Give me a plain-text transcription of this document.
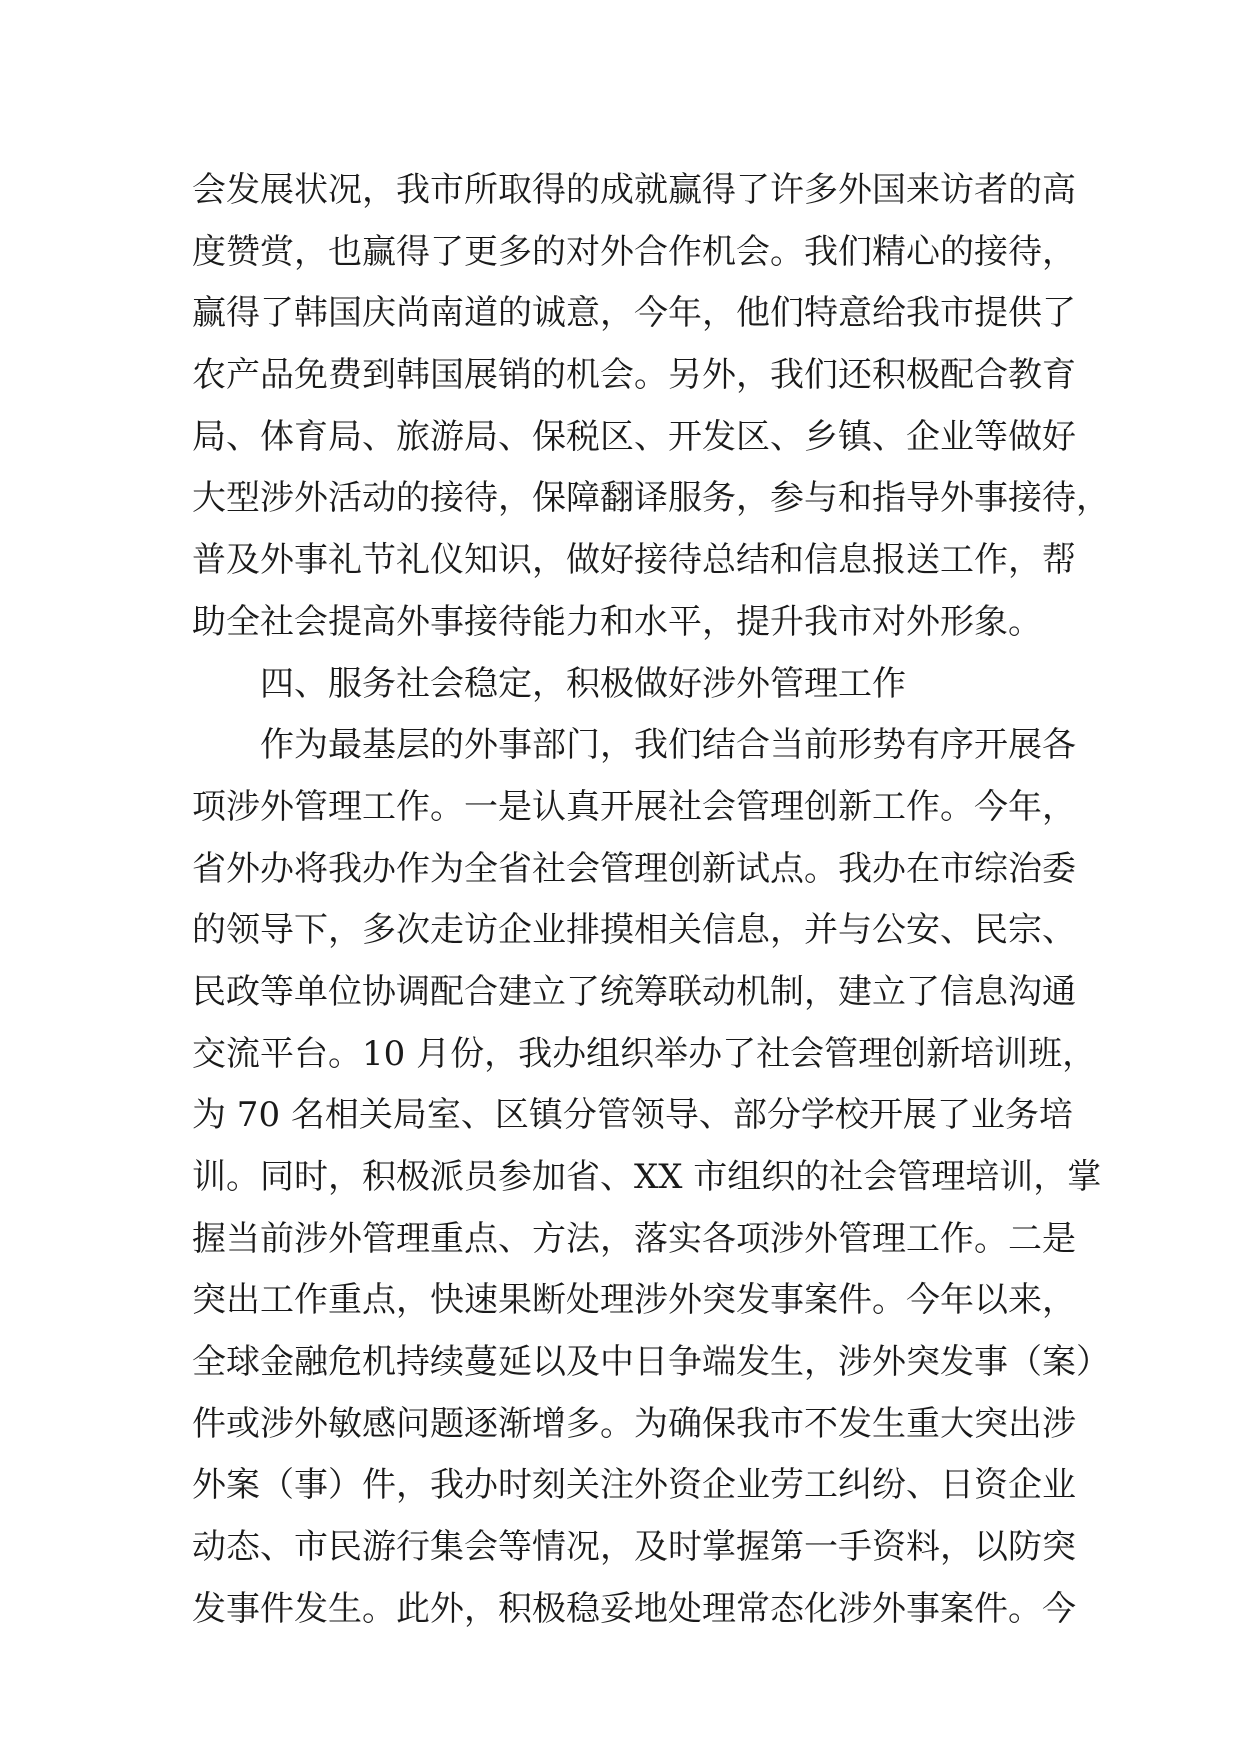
会发展状况，我市所取得的成就赢得了许多外国来访者的高
度赞赏，也赢得了更多的对外合作机会。我们精心的接待，
赢得了韩国庆尚南道的诚意，今年，他们特意给我市提供了
农产品免费到韩国展销的机会。另外，我们还积极配合教育
局、体育局、旅游局、保税区、开发区、乡镇、企业等做好
大型涉外活动的接待，保障翻译服务，参与和指导外事接待，
普及外事礼节礼仪知识，做好接待总结和信息报送工作，帮
助全社会提高外事接待能力和水平，提升我市对外形象。
四、服务社会稳定，积极做好涉外管理工作
作为最基层的外事部门，我们结合当前形势有序开展各
项涉外管理工作。一是认真开展社会管理创新工作。今年，
省外办将我办作为全省社会管理创新试点。我办在市综治委
的领导下，多次走访企业排摸相关信息，并与公安、民宗、
民政等单位协调配合建立了统筹联动机制，建立了信息沟通
交流平台。10 月份，我办组织举办了社会管理创新培训班，
为 70 名相关局室、区镇分管领导、部分学校开展了业务培
训。同时，积极派员参加省、XX 市组织的社会管理培训，掌
握当前涉外管理重点、方法，落实各项涉外管理工作。二是
突出工作重点，快速果断处理涉外突发事案件。今年以来，
全球金融危机持续蔓延以及中日争端发生，涉外突发事（案）
件或涉外敏感问题逐渐增多。为确保我市不发生重大突出涉
外案（事）件，我办时刻关注外资企业劳工纠纷、日资企业
动态、市民游行集会等情况，及时掌握第一手资料，以防突
发事件发生。此外，积极稳妥地处理常态化涉外事案件。今
